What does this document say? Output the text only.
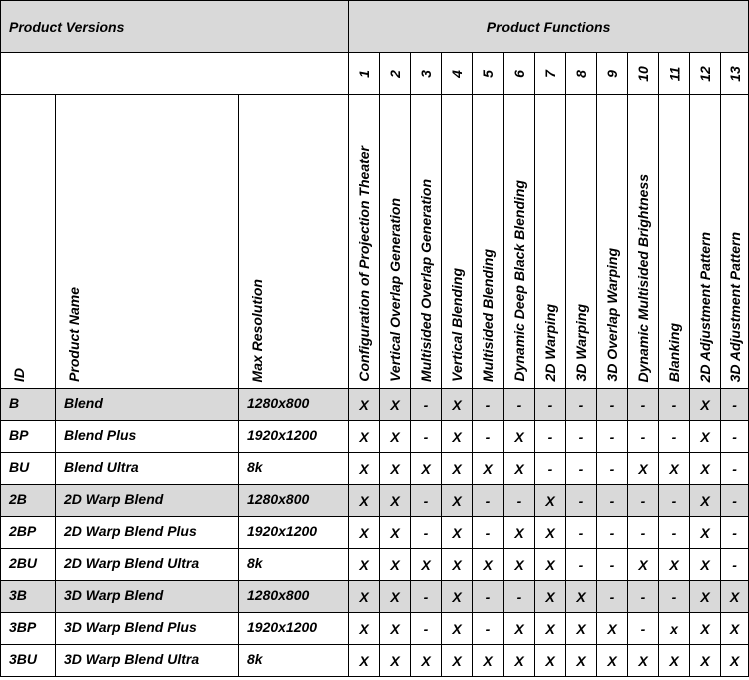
Product Versions			Product Functions												
			1	2	3	4	5	6	7	8	9	10	11	12	13

ID	Product Name	Max Resolution	Configuration of Projection Theater	Vertical Overlap Generation	Multisided Overlap Generation	Vertical Blending	Multisided Blending	Dynamic Deep Black Blending	2D Warping	3D Warping	3D Overlap Warping	Dynamic Multisided Brightness	Blanking	2D Adjustment Pattern	3D Adjustment Pattern

B	Blend	1280x800	X	X	-	X	-	-	-	-	-	-	-	X	-
BP	Blend Plus	1920x1200	X	X	-	X	-	X	-	-	-	-	-	X	-
BU	Blend Ultra	8k	X	X	X	X	X	X	-	-	-	X	X	X	-
2B	2D Warp Blend	1280x800	X	X	-	X	-	-	X	-	-	-	-	X	-
2BP	2D Warp Blend Plus	1920x1200	X	X	-	X	-	X	X	-	-	-	-	X	-
2BU	2D Warp Blend Ultra	8k	X	X	X	X	X	X	X	-	-	X	X	X	-
3B	3D Warp Blend	1280x800	X	X	-	X	-	-	X	X	-	-	-	X	X
3BP	3D Warp Blend Plus	1920x1200	X	X	-	X	-	X	X	X	X	-	x	X	X
3BU	3D Warp Blend Ultra	8k	X	X	X	X	X	X	X	X	X	X	X	X	X
